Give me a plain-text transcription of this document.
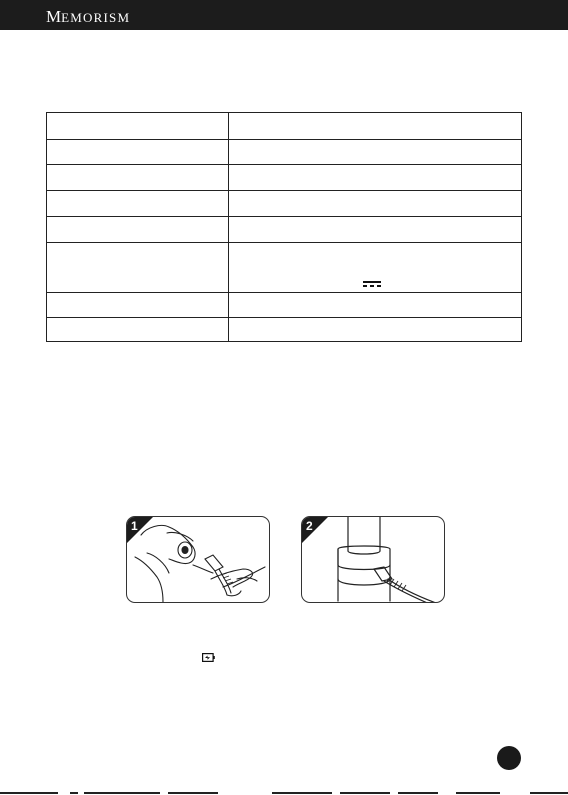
MEMORISM

1	2
